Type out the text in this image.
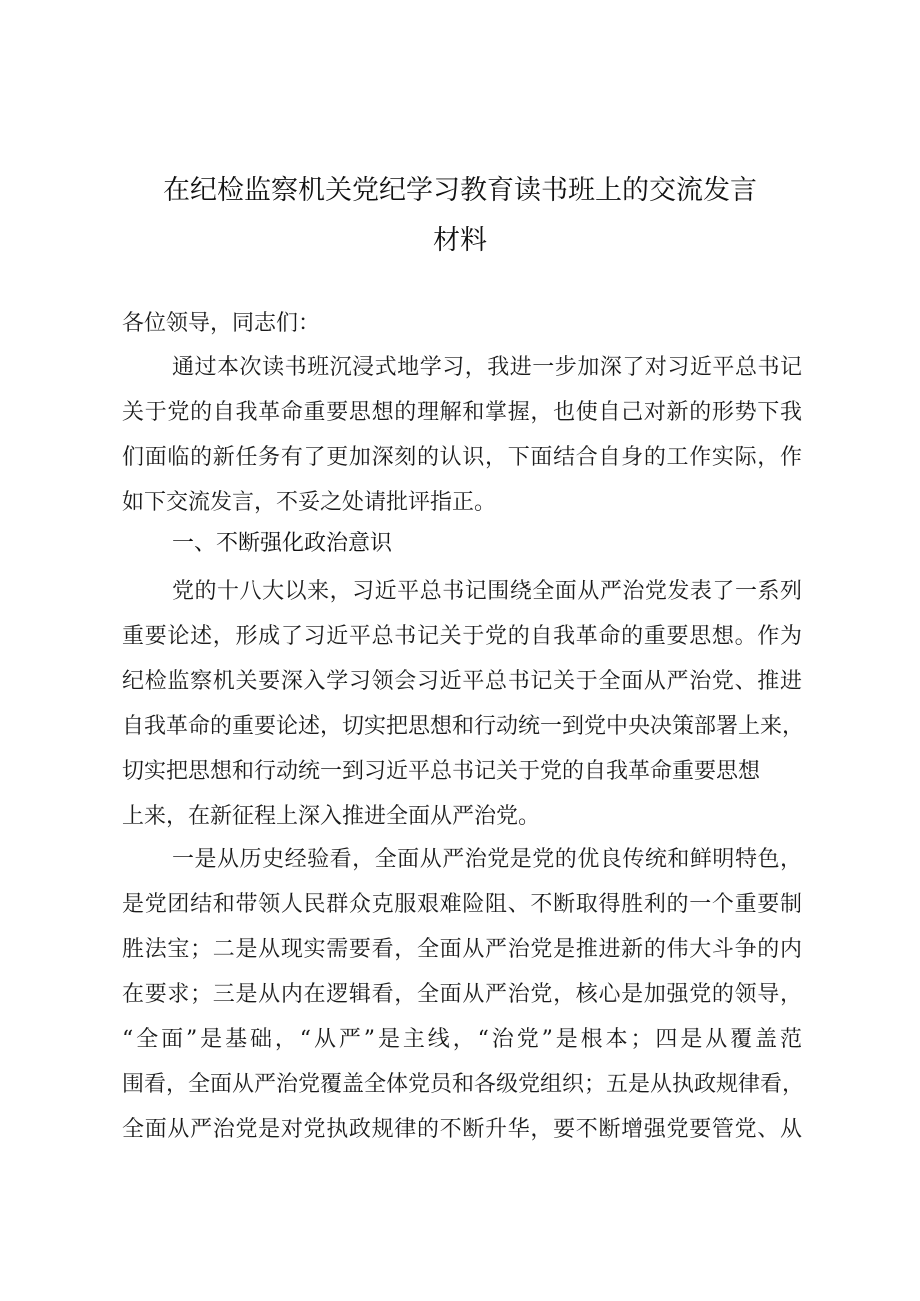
在纪检监察机关党纪学习教育读书班上的交流发言
材料
各位领导，同志们：
通过本次读书班沉浸式地学习，我进一步加深了对习近平总书记
关于党的自我革命重要思想的理解和掌握，也使自己对新的形势下我
们面临的新任务有了更加深刻的认识，下面结合自身的工作实际，作
如下交流发言，不妥之处请批评指正。
一、不断强化政治意识
党的十八大以来，习近平总书记围绕全面从严治党发表了一系列
重要论述，形成了习近平总书记关于党的自我革命的重要思想。作为
纪检监察机关要深入学习领会习近平总书记关于全面从严治党、推进
自我革命的重要论述，切实把思想和行动统一到党中央决策部署上来，
切实把思想和行动统一到习近平总书记关于党的自我革命重要思想
上来，在新征程上深入推进全面从严治党。
一是从历史经验看，全面从严治党是党的优良传统和鲜明特色，
是党团结和带领人民群众克服艰难险阻、不断取得胜利的一个重要制
胜法宝；二是从现实需要看，全面从严治党是推进新的伟大斗争的内
在要求；三是从内在逻辑看，全面从严治党，核心是加强党的领导，
“全面”是基础，“从严”是主线，“治党”是根本；四是从覆盖范
围看，全面从严治党覆盖全体党员和各级党组织；五是从执政规律看，
全面从严治党是对党执政规律的不断升华，要不断增强党要管党、从
